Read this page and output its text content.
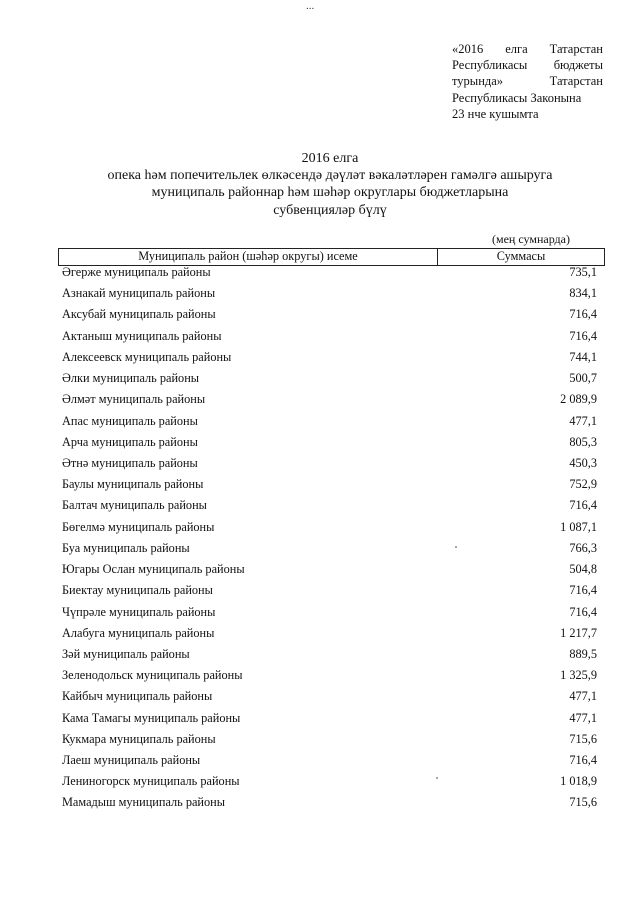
...
«2016 елга Татарстан
Республикасы бюджеты
турында»	Татарстан
Республикасы Законына
23 нче кушымта
2016 елга
опека һәм попечительлек өлкәсендә дәүләт вәкаләтләрен гамәлгә ашыруга
муниципаль районнар һәм шәһәр округлары бюджетларына
субвенцияләр бүлү
(мең сумнарда)
Муниципаль район (шәһәр округы) исеме	Суммасы
Әгерже муниципаль районы	735,1
Азнакай муниципаль районы	834,1
Аксубай муниципаль районы	716,4
Актаныш муниципаль районы	716,4
Алексеевск муниципаль районы	744,1
Әлки муниципаль районы	500,7
Әлмәт муниципаль районы	2 089,9
Апас муниципаль районы	477,1
Арча муниципаль районы	805,3
Әтнә муниципаль районы	450,3
Баулы муниципаль районы	752,9
Балтач муниципаль районы	716,4
Бөгелмә муниципаль районы	1 087,1
Буа муниципаль районы	766,3
Югары Ослан муниципаль районы	504,8
Биектау муниципаль районы	716,4
Чүпрәле муниципаль районы	716,4
Алабуга муниципаль районы	1 217,7
Зәй муниципаль районы	889,5
Зеленодольск муниципаль районы	1 325,9
Кайбыч муниципаль районы	477,1
Кама Тамагы муниципаль районы	477,1
Кукмара муниципаль районы	715,6
Лаеш муниципаль районы	716,4
Лениногорск муниципаль районы	1 018,9
Мамадыш муниципаль районы	715,6
